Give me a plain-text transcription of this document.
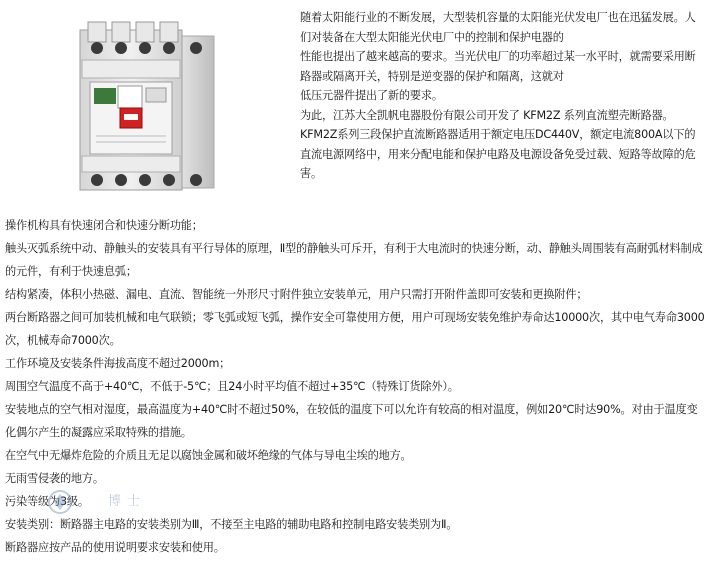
随着太阳能行业的不断发展，大型装机容量的太阳能光伏发电厂也在迅猛发展。人们对装备在大型太阳能光伏电厂中的控制和保护电器的

性能也提出了越来越高的要求。当光伏电厂的功率超过某一水平时，就需要采用断路器或隔离开关，特别是逆变器的保护和隔离，这就对

低压元器件提出了新的要求。

为此，江苏大全凯帆电器股份有限公司开发了 KFM2Z 系列直流塑壳断路器。

KFM2Z系列三段保护直流断路器适用于额定电压DC440V，额定电流800A以下的直流电源网络中，用来分配电能和保护电路及电源设备免受过载、短路等故障的危害。

操作机构具有快速闭合和快速分断功能；

触头灭弧系统中动、静触头的安装具有平行导体的原理，Ⅱ型的静触头可斥开，有利于大电流时的快速分断，动、静触头周围装有高耐弧材料制成的元件，有利于快速息弧；

结构紧凑，体积小热磁、漏电、直流、智能统一外形尺寸附件独立安装单元，用户只需打开附件盖即可安装和更换附件；

两台断路器之间可加装机械和电气联锁；零飞弧或短飞弧，操作安全可靠使用方便，用户可现场安装免维护寿命达10000次，其中电气寿命3000次，机械寿命7000次。

工作环境及安装条件海拔高度不超过2000m；

周围空气温度不高于+40℃，不低于-5℃；且24小时平均值不超过+35℃（特殊订货除外）。

安装地点的空气相对湿度，最高温度为+40℃时不超过50%，在较低的温度下可以允许有较高的相对温度，例如20℃时达90%。对由于温度变化偶尔产生的凝露应采取特殊的措施。

在空气中无爆炸危险的介质且无足以腐蚀金属和破坏绝缘的气体与导电尘埃的地方。

无雨雪侵袭的地方。

污染等级为3级。

安装类别：断路器主电路的安装类别为Ⅲ，不接至主电路的辅助电路和控制电路安装类别为Ⅱ。

断路器应按产品的使用说明要求安装和使用。

博士
